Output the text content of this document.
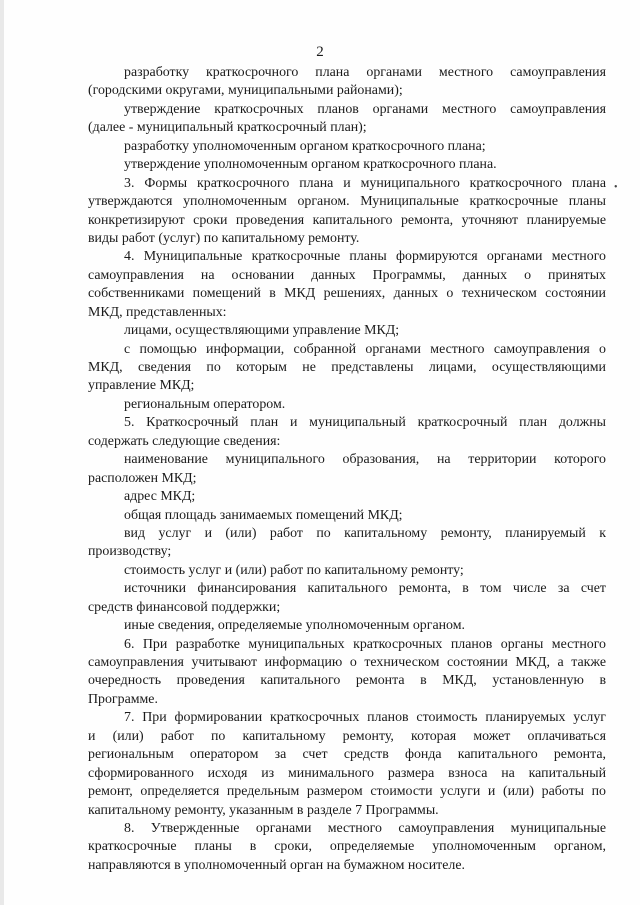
2
•
разработку краткосрочного плана органами местного самоуправления
(городскими округами, муниципальными районами);
утверждение краткосрочных планов органами местного самоуправления
(далее - муниципальный краткосрочный план);
разработку уполномоченным органом краткосрочного плана;
утверждение уполномоченным органом краткосрочного плана.
3. Формы краткосрочного плана и муниципального краткосрочного плана
утверждаются уполномоченным органом. Муниципальные краткосрочные планы
конкретизируют сроки проведения капитального ремонта, уточняют планируемые
виды работ (услуг) по капитальному ремонту.
4. Муниципальные краткосрочные планы формируются органами местного
самоуправления на основании данных Программы, данных о принятых
собственниками помещений в МКД решениях, данных о техническом состоянии
МКД, представленных:
лицами, осуществляющими управление МКД;
с помощью информации, собранной органами местного самоуправления о
МКД, сведения по которым не представлены лицами, осуществляющими
управление МКД;
региональным оператором.
5. Краткосрочный план и муниципальный краткосрочный план должны
содержать следующие сведения:
наименование муниципального образования, на территории которого
расположен МКД;
адрес МКД;
общая площадь занимаемых помещений МКД;
вид услуг и (или) работ по капитальному ремонту, планируемый к
производству;
стоимость услуг и (или) работ по капитальному ремонту;
источники финансирования капитального ремонта, в том числе за счет
средств финансовой поддержки;
иные сведения, определяемые уполномоченным органом.
6. При разработке муниципальных краткосрочных планов органы местного
самоуправления учитывают информацию о техническом состоянии МКД, а также
очередность проведения капитального ремонта в МКД, установленную в
Программе.
7. При формировании краткосрочных планов стоимость планируемых услуг
и (или) работ по капитальному ремонту, которая может оплачиваться
региональным оператором за счет средств фонда капитального ремонта,
сформированного исходя из минимального размера взноса на капитальный
ремонт, определяется предельным размером стоимости услуги и (или) работы по
капитальному ремонту, указанным в разделе 7 Программы.
8. Утвержденные органами местного самоуправления муниципальные
краткосрочные планы в сроки, определяемые уполномоченным органом,
направляются в уполномоченный орган на бумажном носителе.
